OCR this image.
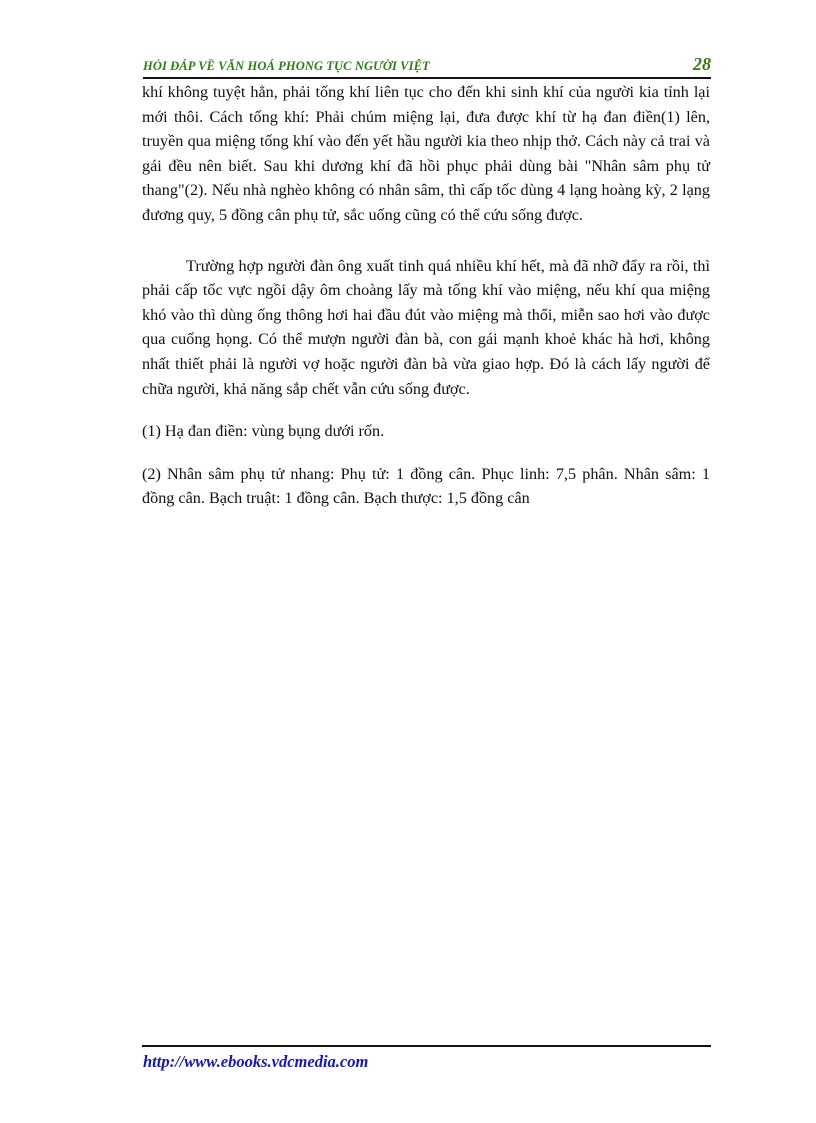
HỎI ĐÁP VỀ VĂN HOÁ PHONG TỤC NGƯỜI VIỆT	28

khí không tuyệt hẳn, phải tống khí liên tục cho đến khi sinh khí của người kia tỉnh lại mới thôi. Cách tống khí: Phải chúm miệng lại, đưa được khí từ hạ đan điền(1) lên, truyền qua miệng tống khí vào đến yết hầu người kia theo nhịp thở. Cách này cả trai và gái đều nên biết. Sau khi dương khí đã hồi phục phải dùng bài "Nhân sâm phụ tử thang"(2). Nếu nhà nghèo không có nhân sâm, thì cấp tốc dùng 4 lạng hoàng kỳ, 2 lạng đương quy, 5 đồng cân phụ tử, sắc uống cũng có thể cứu sống được.

Trường hợp người đàn ông xuất tinh quá nhiều khí hết, mà đã nhỡ đẩy ra rồi, thì phải cấp tốc vực ngồi dậy ôm choàng lấy mà tống khí vào miệng, nếu khí qua miệng khó vào thì dùng ống thông hơi hai đầu đút vào miệng mà thổi, miễn sao hơi vào được qua cuống họng. Có thể mượn người đàn bà, con gái mạnh khoẻ khác hà hơi, không nhất thiết phải là người vợ hoặc người đàn bà vừa giao hợp. Đó là cách lấy người để chữa người, khả năng sắp chết vẫn cứu sống được.

(1) Hạ đan điền: vùng bụng dưới rốn.

(2) Nhân sâm phụ tử nhang: Phụ tử: 1 đồng cân. Phục linh: 7,5 phân. Nhân sâm: 1 đồng cân. Bạch truật: 1 đồng cân. Bạch thược: 1,5 đồng cân

http://www.ebooks.vdcmedia.com
